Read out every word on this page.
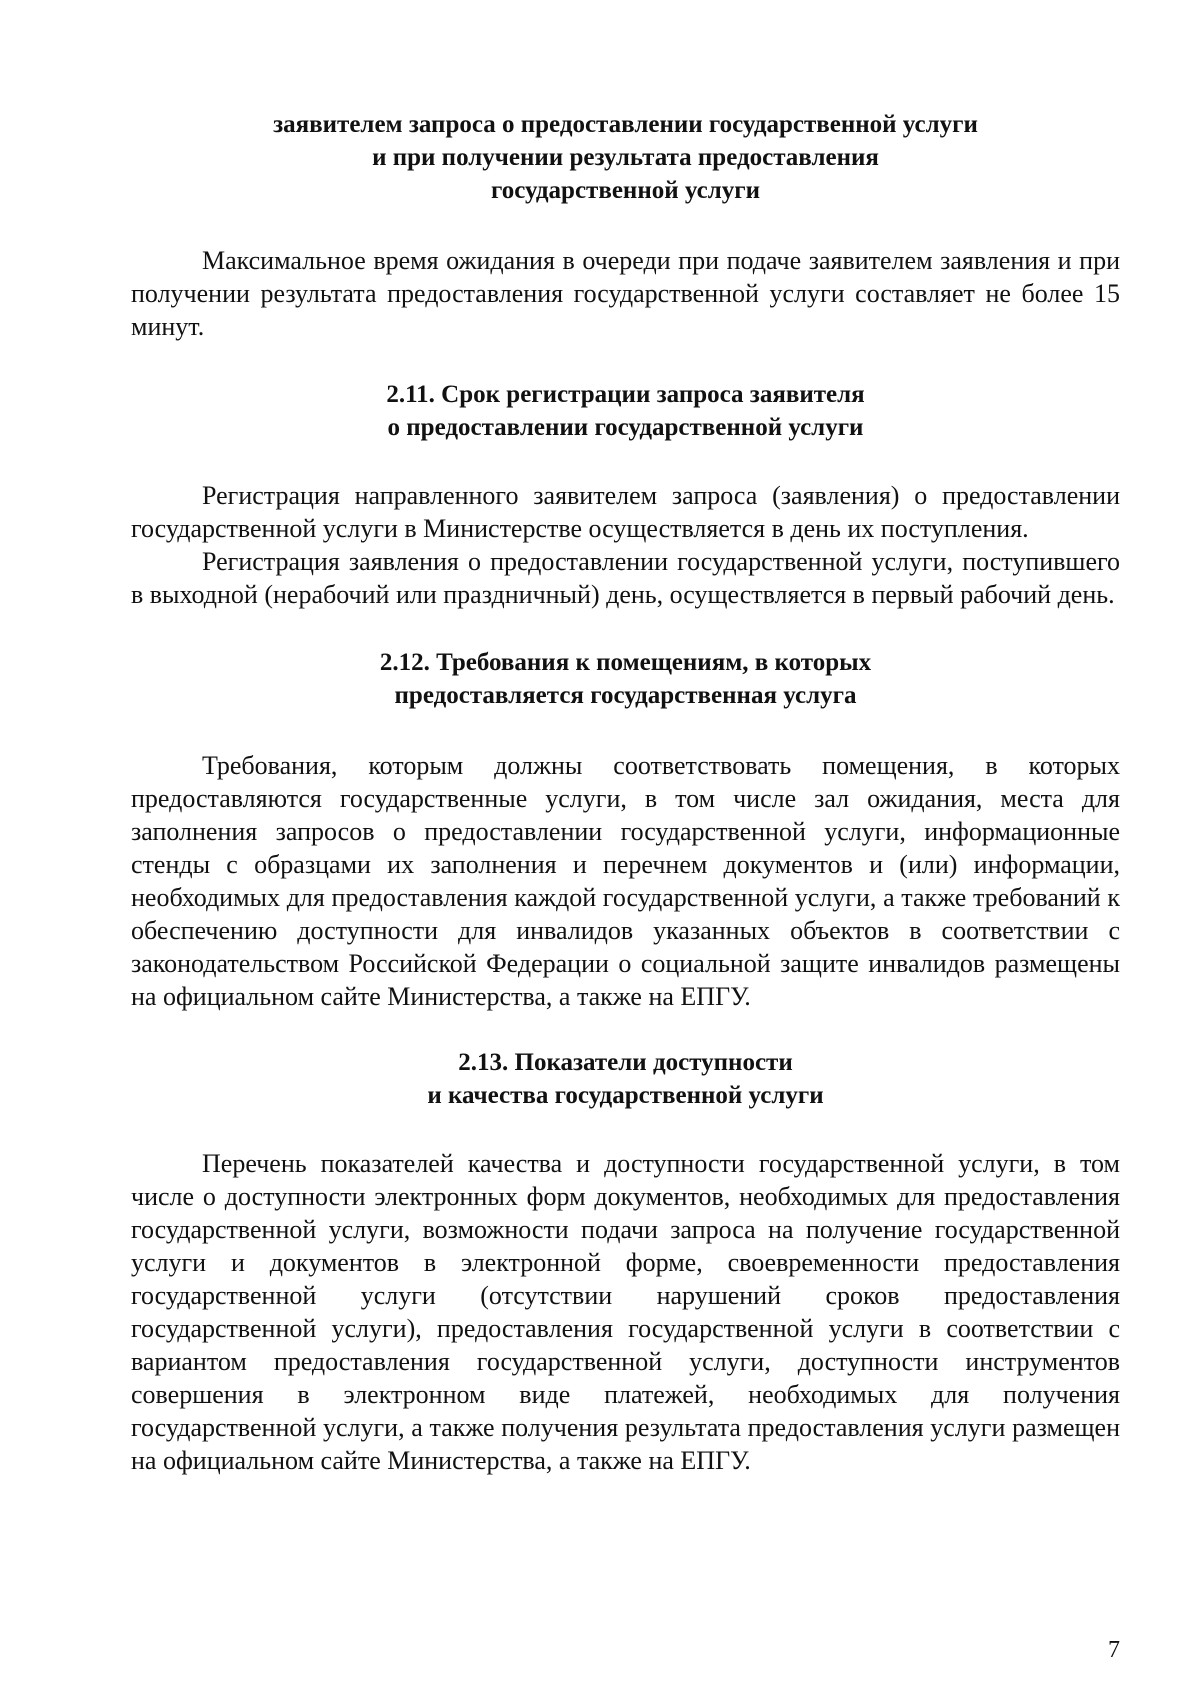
заявителем запроса о предоставлении государственной услуги
и при получении результата предоставления
государственной услуги

Максимальное время ожидания в очереди при подаче заявителем заявления и при получении результата предоставления государственной услуги составляет не более 15 минут.

2.11. Срок регистрации запроса заявителя
о предоставлении государственной услуги

Регистрация направленного заявителем запроса (заявления) о предоставлении государственной услуги в Министерстве осуществляется в день их поступления.

Регистрация заявления о предоставлении государственной услуги, поступившего в выходной (нерабочий или праздничный) день, осуществляется в первый рабочий день.

2.12. Требования к помещениям, в которых
предоставляется государственная услуга

Требования, которым должны соответствовать помещения, в которых предоставляются государственные услуги, в том числе зал ожидания, места для заполнения запросов о предоставлении государственной услуги, информационные стенды с образцами их заполнения и перечнем документов и (или) информации, необходимых для предоставления каждой государственной услуги, а также требований к обеспечению доступности для инвалидов указанных объектов в соответствии с законодательством Российской Федерации о социальной защите инвалидов размещены на официальном сайте Министерства, а также на ЕПГУ.

2.13. Показатели доступности
и качества государственной услуги

Перечень показателей качества и доступности государственной услуги, в том числе о доступности электронных форм документов, необходимых для предоставления государственной услуги, возможности подачи запроса на получение государственной услуги и документов в электронной форме, своевременности предоставления государственной услуги (отсутствии нарушений сроков предоставления государственной услуги), предоставления государственной услуги в соответствии с вариантом предоставления государственной услуги, доступности инструментов совершения в электронном виде платежей, необходимых для получения государственной услуги, а также получения результата предоставления услуги размещен на официальном сайте Министерства, а также на ЕПГУ.

7
